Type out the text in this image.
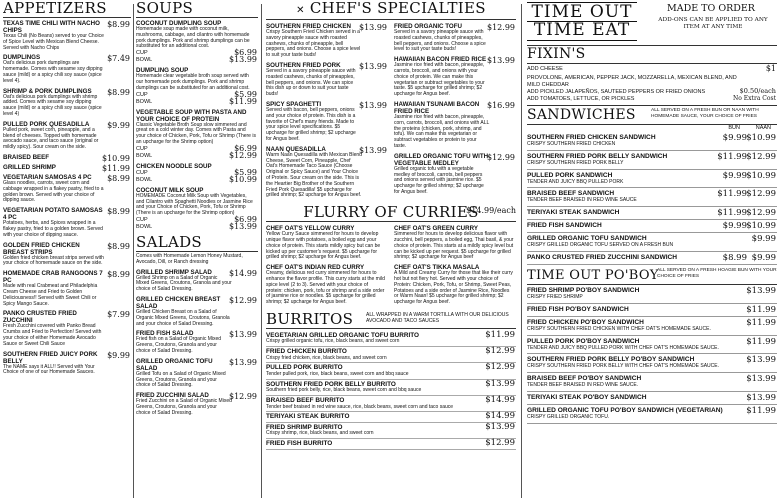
APPETIZERS
TEXAS TIME CHILI WITH NACHO CHIPS
$8.99
Texas Chili (No Beans) served to your Choice of Spice Level with Mexican Blend Cheese. Served with Nacho Chips
DUMPLINGS	$7.49
Oat's delicious pork dumplings are homemade. Comes with sesame soy dipping sauce (mild) or a spicy chili soy sauce (spice level 4).
SHRIMP & PORK DUMPLINGS	$8.99
Oat's delicious pork dumplings with shrimp added. Comes with sesame soy dipping sauce (mild) or a spicy chili soy sauce (spice level 4)
PULLED PORK QUESADILLA	$9.99
Pulled pork, sweet corn, pineapple, and a blend of cheeses. Topped with homemade avocado sauce, and taco sauce (original or mildly spicy). Sour cream on the side.
BRAISED BEEF	$10.99
GRILLED SHRIMP	$11.99
VEGETARIAN SAMOSAS 4 PC	$8.99
Glass noodles, carrots, sweet corn and cabbage wrapped in a flakey pastry, fried to a golden brown. Served with your choice of dipping sauce.
VEGETARIAN POTATO SAMOSAS 4 PC
$8.99
Potatoes, herbs, and Spices wrapped in a flakey pastry, fried to a golden brown. Served with your choice of dipping sauce.
GOLDEN FRIED CHICKEN BREAST STRIPS
$8.99
Golden fried chicken breast strips served with your choice of homemade sauce on the side.
HOMEMADE CRAB RANGOONS 7 PC
$8.99
Made with real Crabmeat and Philadelphia Cream Cheese and Fried to Golden Deliciousness!! Served with Sweet Chili or Spicy Mango Sauce.
PANKO CRUSTED FRIED ZUCCHINI
$7.99
Fresh Zucchini covered with Panko Bread Crumbs and Fried to Perfection! Served with your choice of either Homemade Avocado Sauce or Sweet Chili Sauce
SOUTHERN FRIED JUICY PORK BELLY
$9.99
The NAME says it ALL!! Served with Your Choice of one of our Homemade Sauces.
SOUPS
COCONUT DUMPLING SOUP
Homemade soup made with coconut milk, mushrooms, cabbage, and cilantro with homemade pork dumplings. Pork and shrimp dumplings can be substituted for an additional cost.
CUP	$6.99
BOWL	$13.99
DUMPLING SOUP
Homemade clear vegetable broth soup served with our homemade pork dumplings. Pork and shrimp dumplings can be substituted for an additional cost.
CUP	$5.99
BOWL	$11.99
VEGETABLE SOUP WITH PASTA AND YOUR CHOICE OF PROTEIN
Classic Vegetable Broth Soup slow simmered and great on a cold winter day. Comes with Pasta and your choice of Chicken, Pork, Tofu or Shrimp (There is an upcharge for the Shrimp option)
CUP	$6.99
BOWL	$12.99
CHICKEN NOODLE SOUP
CUP	$5.99
BOWL	$10.99
COCONUT MILK SOUP
HOMEMADE Coconut Milk Soup with Vegetables, and Cilantro with Spaghetti Noodles or Jasmine Rice and your Choice of Chicken, Pork, Tofu or Shrimp (There is an upcharge for the Shrimp option)
CUP	$6.99
BOWL	$13.99
SALADS
Comes with Homemade Lemon Honey Mustard, Avocado, Dill, or Ranch dressing
GRILLED SHRIMP SALAD	$14.99
Grilled Shrimp on a Salad of Organic Mixed Greens, Croutons, Granola and your choice of Salad Dressing.
GRILLED CHICKEN BREAST SALAD
$12.99
Grilled Chicken Breast on a Salad of Organic Mixed Greens, Croutons, Granola and your choice of Salad Dressing.
FRIED FISH SALAD	$13.99
Fried fish on a Salad of Organic Mixed Greens, Croutons, Granola and your choice of Salad Dressing.
GRILLED ORGANIC TOFU SALAD
$13.99
Grilled Tofu on a Salad of Organic Mixed Greens, Croutons, Granola and your choice of Salad Dressing.
FRIED ZUCCHINI SALAD	$12.99
Fried Zucchini on a Salad of Organic Mixed Greens, Croutons, Granola and your choice of Salad Dressing.
✕ CHEF'S SPECIALTIES
SOUTHERN FRIED CHICKEN	$13.99
Crispy Southern Fried Chicken served in a savory pineapple sauce with roasted cashews, chunks of pineapple, bell peppers, and onions. Choose a spice level to suit your taste buds!
SOUTHERN FRIED PORK	$13.99
Served in a savory pineapple sauce with roasted cashews, chunks of pineapples, bell peppers, and onions. We can spice this dish up or down to suit your taste buds!
SPICY SPAGHETTI	$13.99
Served with bacon, bell peppers, onions and your choice of protein. This dish is a favorite of Chef's many friends. Made to your spice level specifications. $5 upcharge for grilled shrimp; $2 upcharge for Angus beef.
NAAN QUESADILLA	$13.99
Warm Naan Quesadilla with Mexican Blend Cheese, Sweet Corn, Pineapple, Chef Oat's Homemade Taco Sauce (Choose Original or Spicy Sauce) and Your Choice of Protein. Sour cream on the side. This is the Heartier Big Brother of the Southern Fried Pork Quesadilla! $5 upcharge for grilled shrimp; $2 upcharge for Angus beef.
FRIED ORGANIC TOFU	$12.99
Served in a savory pineapple sauce with roasted cashews, chunks of pineapples, bell peppers, and onions. Choose a spice level to suit your taste buds!
HAWAIIAN BACON FRIED RICE $13.99
Jasmine rice fried with bacon, pineapple, carrots, broccoli, and onions with your choice of protein. We can make this vegetarian or subtract vegetables to your taste. $5 upcharge for grilled shrimp; $2 upcharge for Angus beef.
HAWAIIAN TSUNAMI BACON FRIED RICE
$16.99
Jasmine rice fried with bacon, pineapple, corn, carrots, broccoli, and onions with ALL the proteins (chicken, pork, shrimp, and tofu). We can make this vegetarian or subtract vegetables or protein to your taste.
GRILLED ORGANIC TOFU WITH VEGETABLE MEDLEY
$12.99
Grilled organic tofu with a vegetable medley of broccoli, carrots, bell peppers and onions served with jasmine rice. $5 upcharge for grilled shrimp; $2 upcharge for Angus beef.
FLURRY OF CURRIES
$14.99/each
CHEF OAT'S YELLOW CURRY
Yellow Curry Sauce simmered for hours to develop unique flavor with potatoes, a boiled egg and your choice of protein. This starts mildly spicy but can be kicked up per customer's request. $5 upcharge for grilled shrimp; $2 upcharge for Angus beef.
CHEF OAT'S INDIAN RED CURRY
Creamy, delicious red curry simmered for hours to enhance the flavor profile. This curry starts at the mild spice level (2 to 3). Served with your choice of protein: chicken, pork, tofu or shrimp and a side order of jasmine rice or noodles. $5 upcharge for grilled shrimp; $2 upcharge for Angus beef.
CHEF OAT'S GREEN CURRY
Simmered for hours to develop delicious flavor with zucchini, bell peppers, a boiled egg, Thai basil, & your choice of protein. This starts at a mildly spicy level but can be kicked up per request. $5 upcharge for grilled shrimp; $2 upcharge for Angus beef
CHEF OAT'S TIKKA MASALA
A Mild and Creamy Curry for those that like their curry hot but not fiery hot. Served with your choice of Protein: Chicken, Pork, Tofu, or Shrimp, Sweet Peas, Potatoes and a side order of Jasmine Rice, Noodles or Warm Naan! $5 upcharge for grilled shrimp; $2 upcharge for Angus beef.
BURRITOS	ALL WRAPPED IN A WARM TORTILLA WITH OUR DELICIOUS AVOCADO AND TACO SAUCES
VEGETARIAN GRILLED ORGANIC TOFU BURRITO	$11.99
Crispy grilled organic tofu, rice, black beans, and sweet corn
FRIED CHICKEN BURRITO	$12.99
Crispy fried chicken, rice, black beans, and sweet corn
PULLED PORK BURRITO	$12.99
Tender pulled pork, rice, black beans, sweet corn and bbq sauce
SOUTHERN FRIED PORK BELLY BURRITO	$13.99
Southern fried pork belly, rice, black beans, sweet corn and bbq sauce
BRAISED BEEF BURRITO	$14.99
Tender beef braised in red wine sauce, rice, black beans, sweet corn and taco sauce
TERIYAKI STEAK BURRITO	$14.99
FRIED SHRIMP BURRITO	$13.99
Crispy shrimp, rice, black beans, and sweet corn
FRIED FISH BURRITO	$12.99
TIME OUT
TIME EAT
MADE TO ORDER
ADD-ONS CAN BE APPLIED TO ANY ITEM AT ANY TIME
FIXIN'S
ADD CHEESE	$1
PROVOLONE, AMERICAN, PEPPER JACK, MOZZARELLA, MEXICAN BLEND, AND MILD CHEDDAR
ADD PICKLED JALAPEÑOS, SAUTEED PEPPERS OR FRIED ONIONS	$0.50/each
ADD TOMATOES, LETTUCE, OR PICKLES	No Extra Cost
SANDWICHES	ALL SERVED ON A FRESH BUN OR NAAN WITH HOMEMADE SAUCE, YOUR CHOICE OF FRIES
BUN	NAAN
SOUTHERN FRIED CHICKEN SANDWICH	$9.99 $10.99
CRISPY SOUTHERN FRIED CHICKEN
SOUTHERN FRIED PORK BELLY SANDWICH	$11.99 $12.99
CRISPY SOUTHERN FRIED PORK BELLY
PULLED PORK SANDWICH	$9.99 $10.99
TENDER AND JUICY BBQ PULLED PORK
BRAISED BEEF SANDWICH	$11.99 $12.99
TENDER BEEF BRAISED IN RED WINE SAUCE
TERIYAKI STEAK SANDWICH	$11.99 $12.99
FRIED FISH SANDWICH	$9.99 $10.99
GRILLED ORGANIC TOFU SANDWICH	$9.99
CRISPY GRILLED ORGANIC TOFU SERVED ON A FRESH BUN
PANKO CRUSTED FRIED ZUCCHINI SANDWICH	$8.99 $9.99
TIME OUT PO'BOY
ALL SERVED ON A FRESH HOAGIE BUN WITH YOUR CHOICE OF FRIES
FRIED SHRIMP PO'BOY SANDWICH	$13.99
CRISPY FRIED SHRIMP
FRIED FISH PO'BOY SANDWICH	$11.99
FRIED CHICKEN PO'BOY SANDWICH	$11.99
CRISPY SOUTHERN FRIED CHICKEN WITH CHEF OAT'S HOMEMADE SAUCE.
PULLED PORK PO'BOY SANDWICH	$11.99
TENDER AND JUICY BBQ PULLED PORK WITH CHEF OAT'S HOMEMADE SAUCE.
SOUTHERN FRIED PORK BELLY PO'BOY SANDWICH	$13.99
CRISPY SOUTHERN FRIED PORK BELLY WITH CHEF OAT'S HOMEMADE SAUCE.
BRAISED BEEF PO'BOY SANDWICH	$13.99
TENDER BEEF BRAISED IN RED WINE SAUCE.
TERIYAKI STEAK PO'BOY SANDWICH	$13.99
GRILLED ORGANIC TOFU PO'BOY SANDWICH (VEGETARIAN)	$11.99
CRISPY GRILLED ORGANIC TOFU.
